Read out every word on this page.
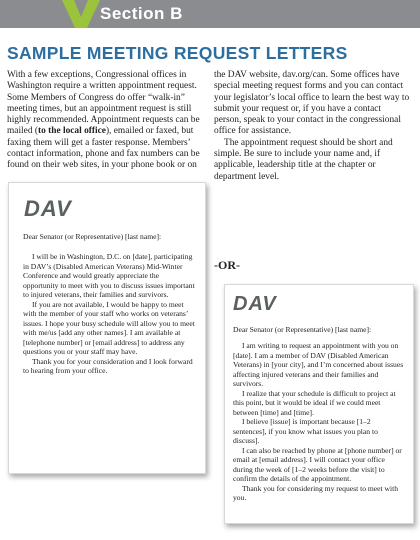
Section B
SAMPLE MEETING REQUEST LETTERS

With a few exceptions, Congressional offices in Washington require a written appointment request. Some Members of Congress do offer “walk-in” meeting times, but an appointment request is still highly recommended. Appointment requests can be mailed (to the local office), emailed or faxed, but faxing them will get a faster response. Members’ contact information, phone and fax numbers can be found on their web sites, in your phone book or on

the DAV website, dav.org/can. Some offices have special meeting request forms and you can contact your legislator’s local office to learn the best way to submit your request or, if you have a contact person, speak to your contact in the congressional office for assistance.

The appointment request should be short and simple. Be sure to include your name and, if applicable, leadership title at the chapter or department level.

DAV
Dear Senator (or Representative) [last name]:

I will be in Washington, D.C. on [date], participating in DAV’s (Disabled American Veterans) Mid-Winter Conference and would greatly appreciate the opportunity to meet with you to discuss issues important to injured veterans, their families and survivors.

If you are not available, I would be happy to meet with the member of your staff who works on veterans’ issues. I hope your busy schedule will allow you to meet with me/us [add any other names]. I am available at [telephone number] or [email address] to address any questions you or your staff may have.

Thank you for your consideration and I look forward to hearing from your office.

-OR-
DAV
Dear Senator (or Representative) [last name]:

I am writing to request an appointment with you on [date]. I am a member of DAV (Disabled American Veterans) in [your city], and I’m concerned about issues affecting injured veterans and their families and survivors.

I realize that your schedule is difficult to project at this point, but it would be ideal if we could meet between [time] and [time].

I believe [issue] is important because [1–2 sentences], if you know what issues you plan to discuss].

I can also be reached by phone at [phone number] or email at [email address]. I will contact your office during the week of [1–2 weeks before the visit] to confirm the details of the appointment.

Thank you for considering my request to meet with you.
